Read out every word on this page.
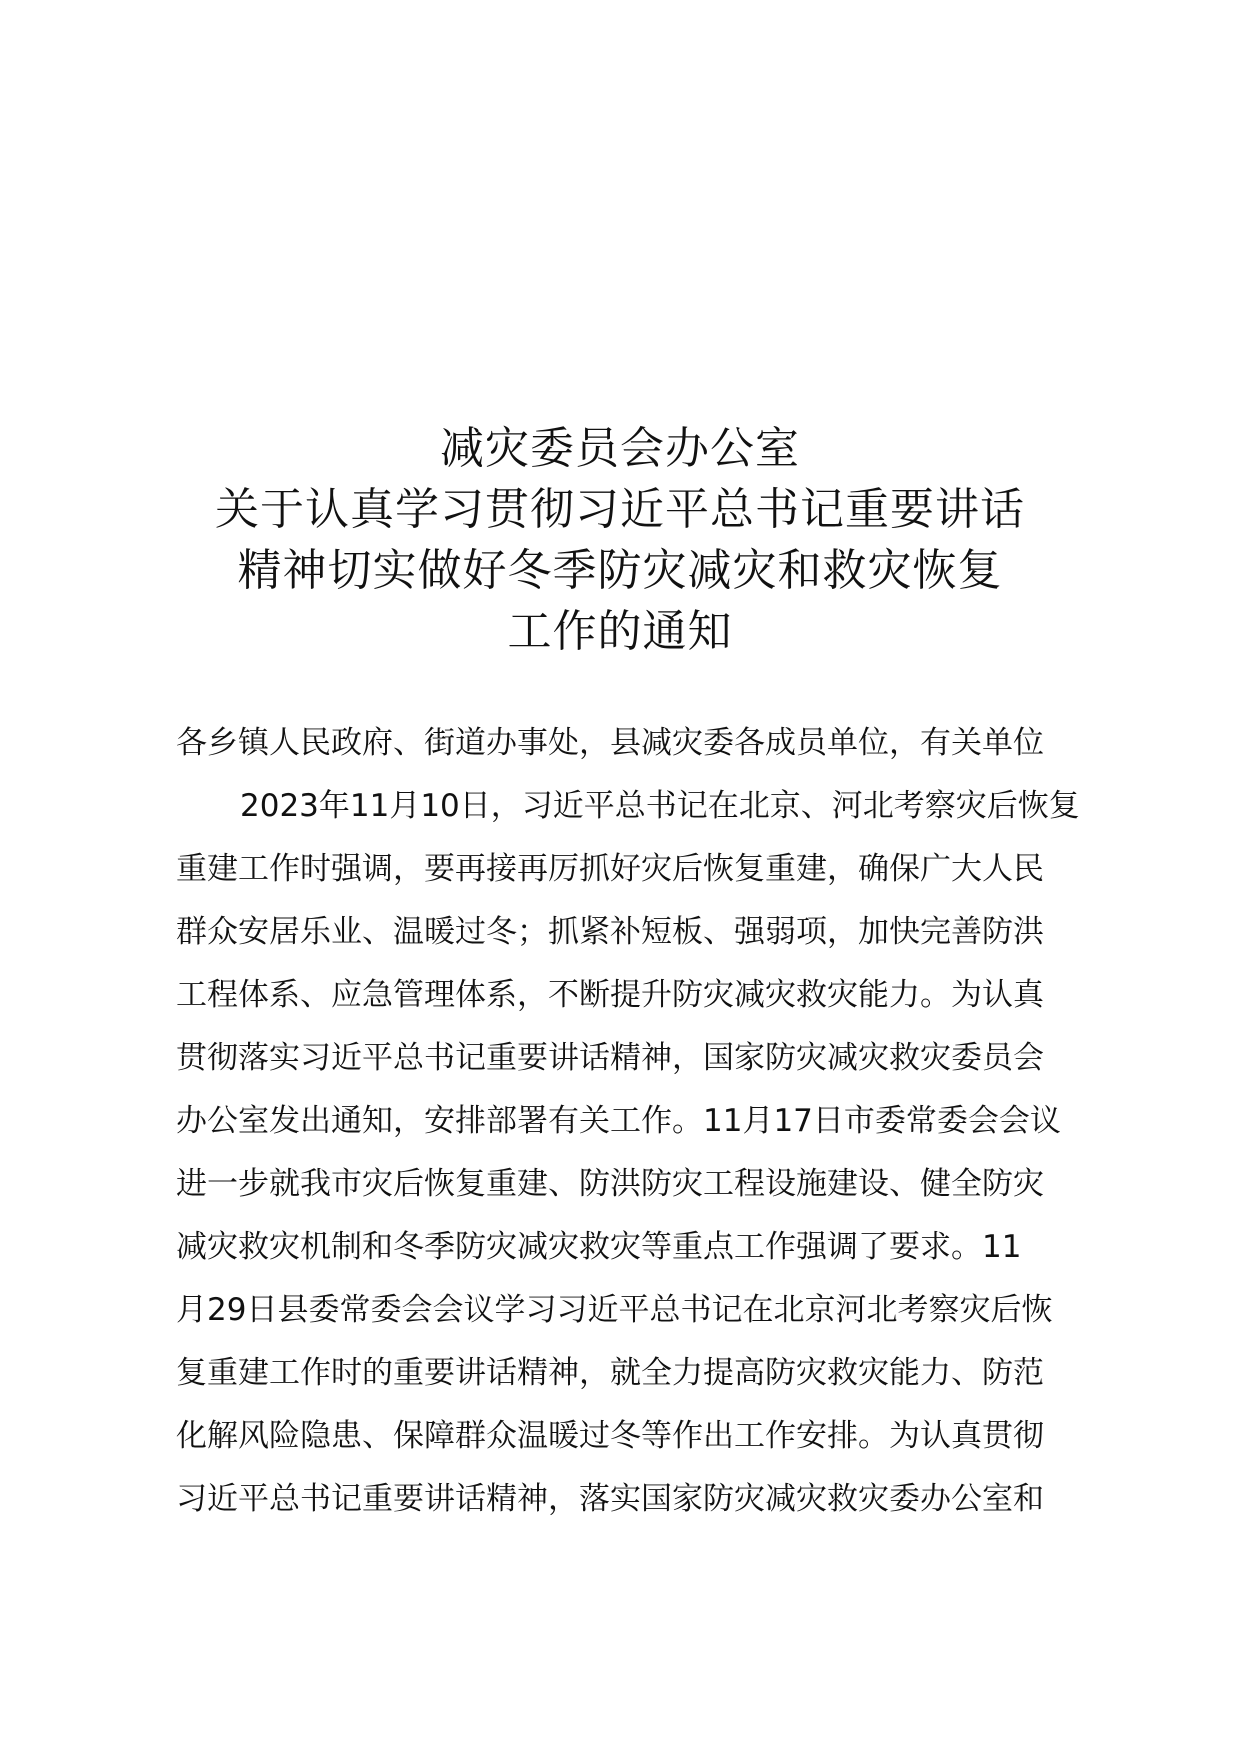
减灾委员会办公室
关于认真学习贯彻习近平总书记重要讲话
精神切实做好冬季防灾减灾和救灾恢复
工作的通知
各乡镇人民政府、街道办事处，县减灾委各成员单位，有关单位
2023年11月10日，习近平总书记在北京、河北考察灾后恢复
重建工作时强调，要再接再厉抓好灾后恢复重建，确保广大人民
群众安居乐业、温暖过冬；抓紧补短板、强弱项，加快完善防洪
工程体系、应急管理体系，不断提升防灾减灾救灾能力。为认真
贯彻落实习近平总书记重要讲话精神，国家防灾减灾救灾委员会
办公室发出通知，安排部署有关工作。11月17日市委常委会会议
进一步就我市灾后恢复重建、防洪防灾工程设施建设、健全防灾
减灾救灾机制和冬季防灾减灾救灾等重点工作强调了要求。11
月29日县委常委会会议学习习近平总书记在北京河北考察灾后恢
复重建工作时的重要讲话精神，就全力提高防灾救灾能力、防范
化解风险隐患、保障群众温暖过冬等作出工作安排。为认真贯彻
习近平总书记重要讲话精神，落实国家防灾减灾救灾委办公室和
